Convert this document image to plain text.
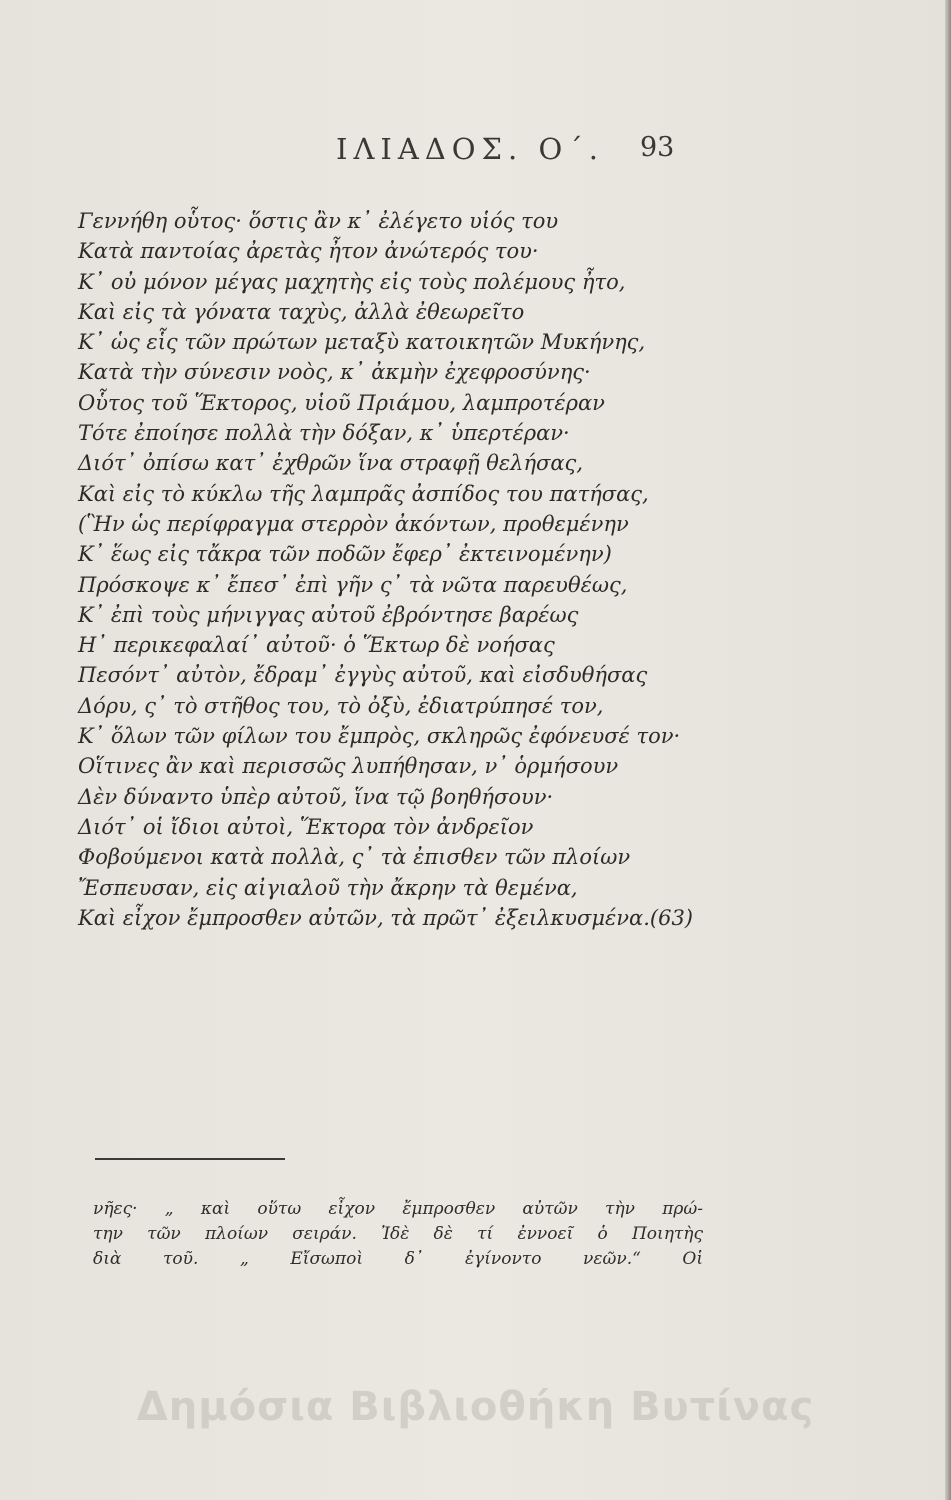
ΙΛΙΑΔΟΣ. Ο΄.	93
Γεννήθη οὗτος· ὅστις ἂν κ᾽ ἐλέγετο υἱός του
Κατὰ παντοίας ἀρετὰς ἦτον ἀνώτερός του·
Κ᾽ οὐ μόνον μέγας μαχητὴς εἰς τοὺς πολέμους ἦτο,
Καὶ εἰς τὰ γόνατα ταχὺς, ἀλλὰ ἐθεωρεῖτο
Κ᾽ ὡς εἷς τῶν πρώτων μεταξὺ κατοικητῶν Μυκήνης,
Κατὰ τὴν σύνεσιν νοὸς, κ᾽ ἀκμὴν ἐχεφροσύνης·
Οὗτος τοῦ Ἕκτορος, υἱοῦ Πριάμου, λαμπροτέραν
Τότε ἐποίησε πολλὰ τὴν δόξαν, κ᾽ ὑπερτέραν·
Διότ᾽ ὀπίσω κατ᾽ ἐχθρῶν ἵνα στραφῇ θελήσας,
Καὶ εἰς τὸ κύκλω τῆς λαμπρᾶς ἀσπίδος του πατήσας,
(Ἣν ὡς περίφραγμα στερρὸν ἀκόντων, προθεμένην
Κ᾽ ἕως εἰς τἄκρα τῶν ποδῶν ἔφερ᾽ ἐκτεινομένην)
Πρόσκοψε κ᾽ ἔπεσ᾽ ἐπὶ γῆν ς᾽ τὰ νῶτα παρευθέως,
Κ᾽ ἐπὶ τοὺς μήνιγγας αὐτοῦ ἐβρόντησε βαρέως
Η᾽ περικεφαλαί᾽ αὐτοῦ· ὁ Ἕκτωρ δὲ νοήσας
Πεσόντ᾽ αὐτὸν, ἔδραμ᾽ ἐγγὺς αὐτοῦ, καὶ εἰσδυθήσας
Δόρυ, ς᾽ τὸ στῆθος του, τὸ ὀξὺ, ἐδιατρύπησέ τον,
Κ᾽ ὅλων τῶν φίλων του ἔμπρὸς, σκληρῶς ἐφόνευσέ τον·
Οἵτινες ἂν καὶ περισσῶς λυπήθησαν, ν᾽ ὁρμήσουν
Δὲν δύναντο ὑπὲρ αὐτοῦ, ἵνα τῷ βοηθήσουν·
Διότ᾽ οἱ ἴδιοι αὐτοὶ, Ἕκτορα τὸν ἀνδρεῖον
Φοβούμενοι κατὰ πολλὰ, ς᾽ τὰ ἐπισθεν τῶν πλοίων
Ἔσπευσαν, εἰς αἰγιαλοῦ τὴν ἄκρην τὰ θεμένα,
Καὶ εἶχον ἔμπροσθεν αὐτῶν, τὰ πρῶτ᾽ ἐξειλκυσμένα.(63)
νῆες· „ καὶ οὕτω εἶχον ἔμπροσθεν αὐτῶν τὴν πρώ-
την τῶν πλοίων σειράν. Ἰδὲ δὲ τί ἐννοεῖ ὁ Ποιητὴς
διὰ τοῦ. „ Εἴσωποὶ δ᾽ ἐγίνοντο νεῶν.“ Οἱ
Δημόσια Βιβλιοθήκη Βυτίνας
